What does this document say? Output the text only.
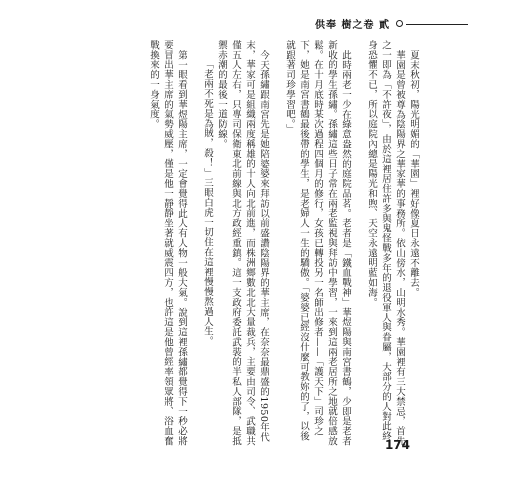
供奉 樹之卷 貳

夏末秋初，陽光明媚的「華園」裡好像夏日永遠不離去。

華園是曾被尊為陰陽界之華家華的事務所。依山傍水，山明水秀。華園裡有三大禁忌，首先之一即為「不許夜」，由於這裡居住許多與鬼怪戰多年的退役軍人與眷屬，大部分的人對此終身恐懼不已，所以庭院內總是陽光和煦、天空永遠明藍如海。

此時兩老一少在綠意盎然的庭院品茗。老者是「鐵血戰神」華煜陽與南宮書鶴，少即是老者新收的學生孫繡。孫繡這些日子常在兩老監視與拜訪中學習，一來到這兩老居所之地就倍感放鬆。在十月底時某次過程四個月的修行，女孩已轉投另一名師出修者——「護天下」司珍之下，她是南宮書鶴最後帶的學生，是老婦人一生的驕傲。「婆婆已經沒什麼可教妳的了，以後就跟著司珍學習吧。」

今天孫繡跟南宮先是她陪婆婆來拜訪以前盛讚陰陽界的華主席，在奈奈最鼎盛的1950年代末，華家可是組織兩度稱雄的十人向北前進，而株洲鄉數北北大量裁兵，主要由司令、武職共僅五人左右，只專司保衛東北前線與北方政經重鎮。這一支政府委託武裝的半私人部隊，是抵禦赤潮的最後一道防線。

「老兩不死是為賊，殺！」三眼白虎一切住在這裡慢慢熬過人生。

第一眼看到華煜陽主席，一定會覺得此人有人物一般大氣。說到這裡孫繡都覺得下一秒必將要冒出華主席的氣勢威壓，僅是他一靜靜坐著就威震四方，也許這是他曾經率領眾將、浴血奮戰換來的一身氣度。

174
